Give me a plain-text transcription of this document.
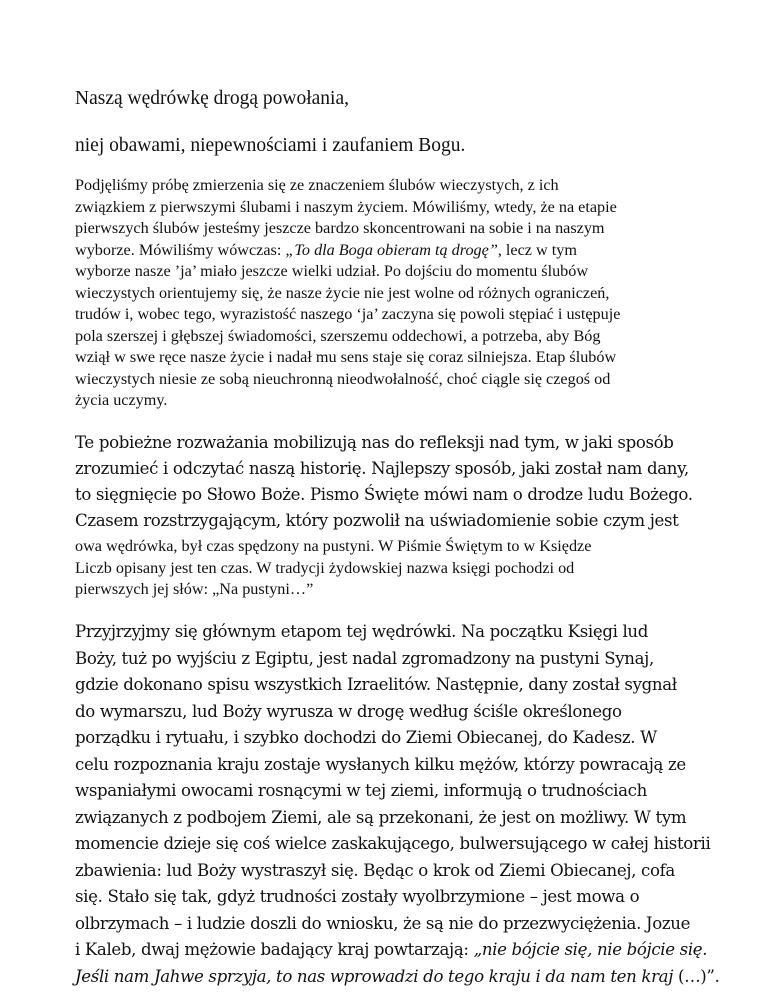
Naszą wędrówkę drogą powołania,
niej obawami, niepewnościami i zaufaniem Bogu.
Podjęliśmy próbę zmierzenia się ze znaczeniem ślubów wieczystych, z ich
związkiem z pierwszymi ślubami i naszym życiem. Mówiliśmy, wtedy, że na etapie
pierwszych ślubów jesteśmy jeszcze bardzo skoncentrowani na sobie i na naszym
wyborze. Mówiliśmy wówczas: „To dla Boga obieram tą drogę”, lecz w tym
wyborze nasze ’ja’ miało jeszcze wielki udział. Po dojściu do momentu ślubów
wieczystych orientujemy się, że nasze życie nie jest wolne od różnych ograniczeń,
trudów i, wobec tego, wyrazistość naszego ‘ja’ zaczyna się powoli stępiać i ustępuje
pola szerszej i głębszej świadomości, szerszemu oddechowi, a potrzeba, aby Bóg
wziął w swe ręce nasze życie i nadał mu sens staje się coraz silniejsza. Etap ślubów
wieczystych niesie ze sobą nieuchronną nieodwołalność, choć ciągle się czegoś od
życia uczymy.
Te pobieżne rozważania mobilizują nas do refleksji nad tym, w jaki sposób
zrozumieć i odczytać naszą historię. Najlepszy sposób, jaki został nam dany,
to sięgnięcie po Słowo Boże. Pismo Święte mówi nam o drodze ludu Bożego.
Czasem rozstrzygającym, który pozwolił na uświadomienie sobie czym jest
owa wędrówka, był czas spędzony na pustyni. W Piśmie Świętym to w Księdze
Liczb opisany jest ten czas. W tradycji żydowskiej nazwa księgi pochodzi od
pierwszych jej słów: „Na pustyni…”
Przyjrzyjmy się głównym etapom tej wędrówki. Na początku Księgi lud
Boży, tuż po wyjściu z Egiptu, jest nadal zgromadzony na pustyni Synaj,
gdzie dokonano spisu wszystkich Izraelitów. Następnie, dany został sygnał
do wymarszu, lud Boży wyrusza w drogę według ściśle określonego
porządku i rytuału, i szybko dochodzi do Ziemi Obiecanej, do Kadesz. W
celu rozpoznania kraju zostaje wysłanych kilku mężów, którzy powracają ze
wspaniałymi owocami rosnącymi w tej ziemi, informują o trudnościach
związanych z podbojem Ziemi, ale są przekonani, że jest on możliwy. W tym
momencie dzieje się coś wielce zaskakującego, bulwersującego w całej historii
zbawienia: lud Boży wystraszył się. Będąc o krok od Ziemi Obiecanej, cofa
się. Stało się tak, gdyż trudności zostały wyolbrzymione – jest mowa o
olbrzymach – i ludzie doszli do wniosku, że są nie do przezwyciężenia. Jozue
i Kaleb, dwaj mężowie badający kraj powtarzają: „nie bójcie się, nie bójcie się.
Jeśli nam Jahwe sprzyja, to nas wprowadzi do tego kraju i da nam ten kraj (…)”.
